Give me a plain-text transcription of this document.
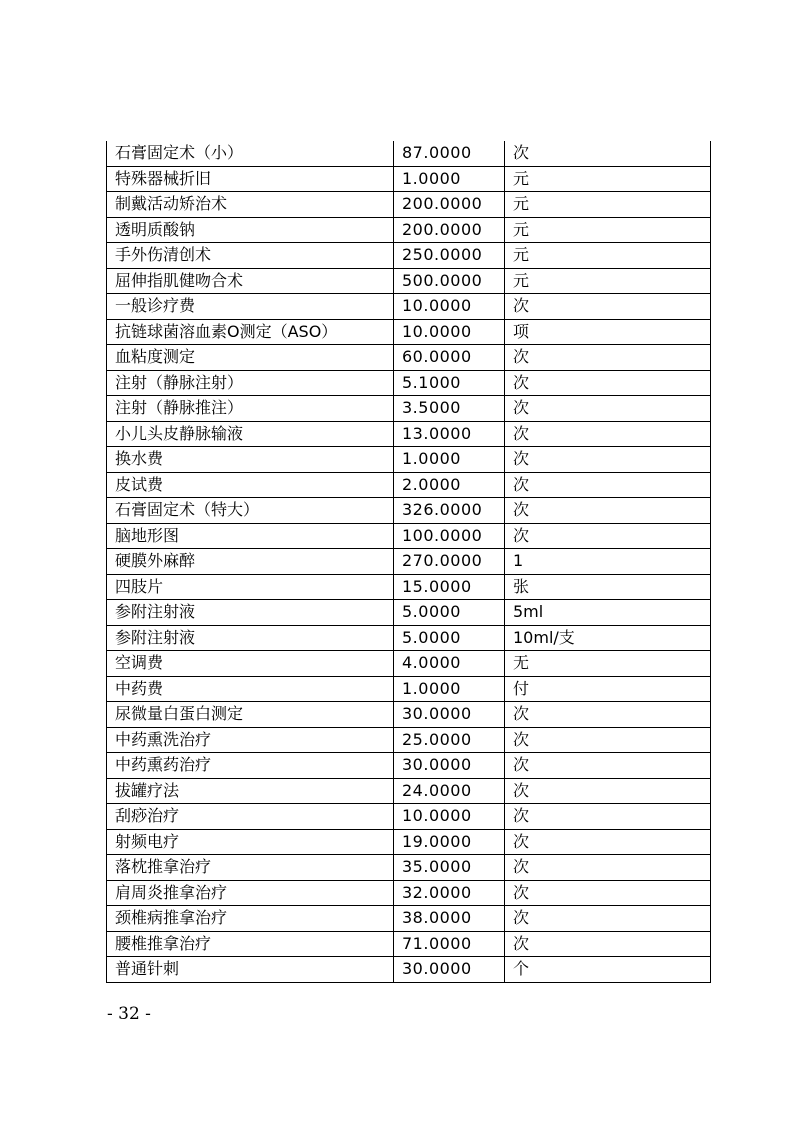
石膏固定术（小）	87.0000	次
特殊器械折旧	1.0000	元
制戴活动矫治术	200.0000	元
透明质酸钠	200.0000	元
手外伤清创术	250.0000	元
屈伸指肌健吻合术	500.0000	元
一般诊疗费	10.0000	次
抗链球菌溶血素O测定（ASO）	10.0000	项
血粘度测定	60.0000	次
注射（静脉注射）	5.1000	次
注射（静脉推注）	3.5000	次
小儿头皮静脉输液	13.0000	次
换水费	1.0000	次
皮试费	2.0000	次
石膏固定术（特大）	326.0000	次
脑地形图	100.0000	次
硬膜外麻醉	270.0000	1
四肢片	15.0000	张
参附注射液	5.0000	5ml
参附注射液	5.0000	10ml/支
空调费	4.0000	无
中药费	1.0000	付
尿微量白蛋白测定	30.0000	次
中药熏洗治疗	25.0000	次
中药熏药治疗	30.0000	次
拔罐疗法	24.0000	次
刮痧治疗	10.0000	次
射频电疗	19.0000	次
落枕推拿治疗	35.0000	次
肩周炎推拿治疗	32.0000	次
颈椎病推拿治疗	38.0000	次
腰椎推拿治疗	71.0000	次
普通针刺	30.0000	个
- 32 -
